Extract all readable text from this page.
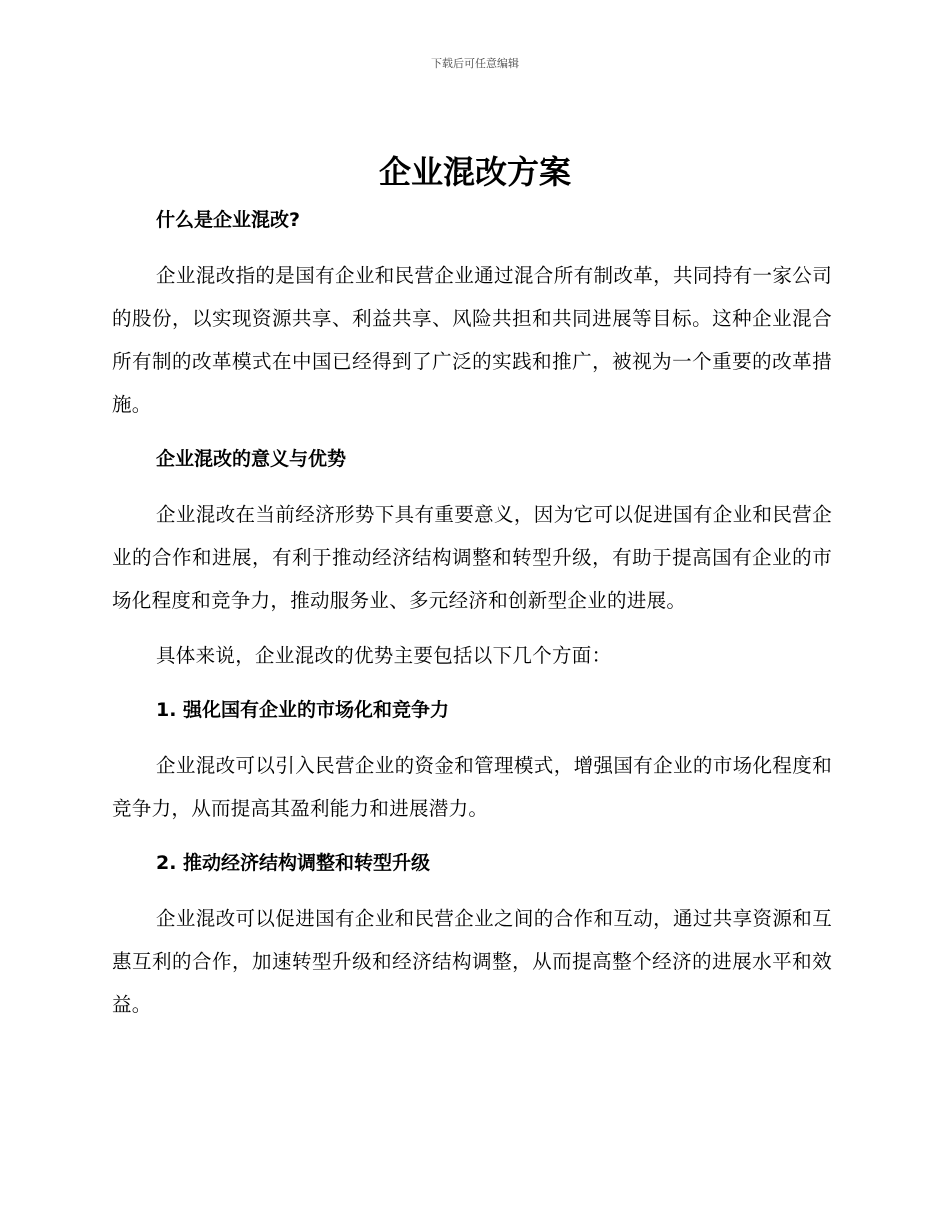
下载后可任意编辑
企业混改方案

什么是企业混改?

企业混改指的是国有企业和民营企业通过混合所有制改革，共同持有一家公司的股份，以实现资源共享、利益共享、风险共担和共同进展等目标。这种企业混合所有制的改革模式在中国已经得到了广泛的实践和推广，被视为一个重要的改革措施。

企业混改的意义与优势

企业混改在当前经济形势下具有重要意义，因为它可以促进国有企业和民营企业的合作和进展，有利于推动经济结构调整和转型升级，有助于提高国有企业的市场化程度和竞争力，推动服务业、多元经济和创新型企业的进展。

具体来说，企业混改的优势主要包括以下几个方面：

1. 强化国有企业的市场化和竞争力

企业混改可以引入民营企业的资金和管理模式，增强国有企业的市场化程度和竞争力，从而提高其盈利能力和进展潜力。

2. 推动经济结构调整和转型升级

企业混改可以促进国有企业和民营企业之间的合作和互动，通过共享资源和互惠互利的合作，加速转型升级和经济结构调整，从而提高整个经济的进展水平和效益。
